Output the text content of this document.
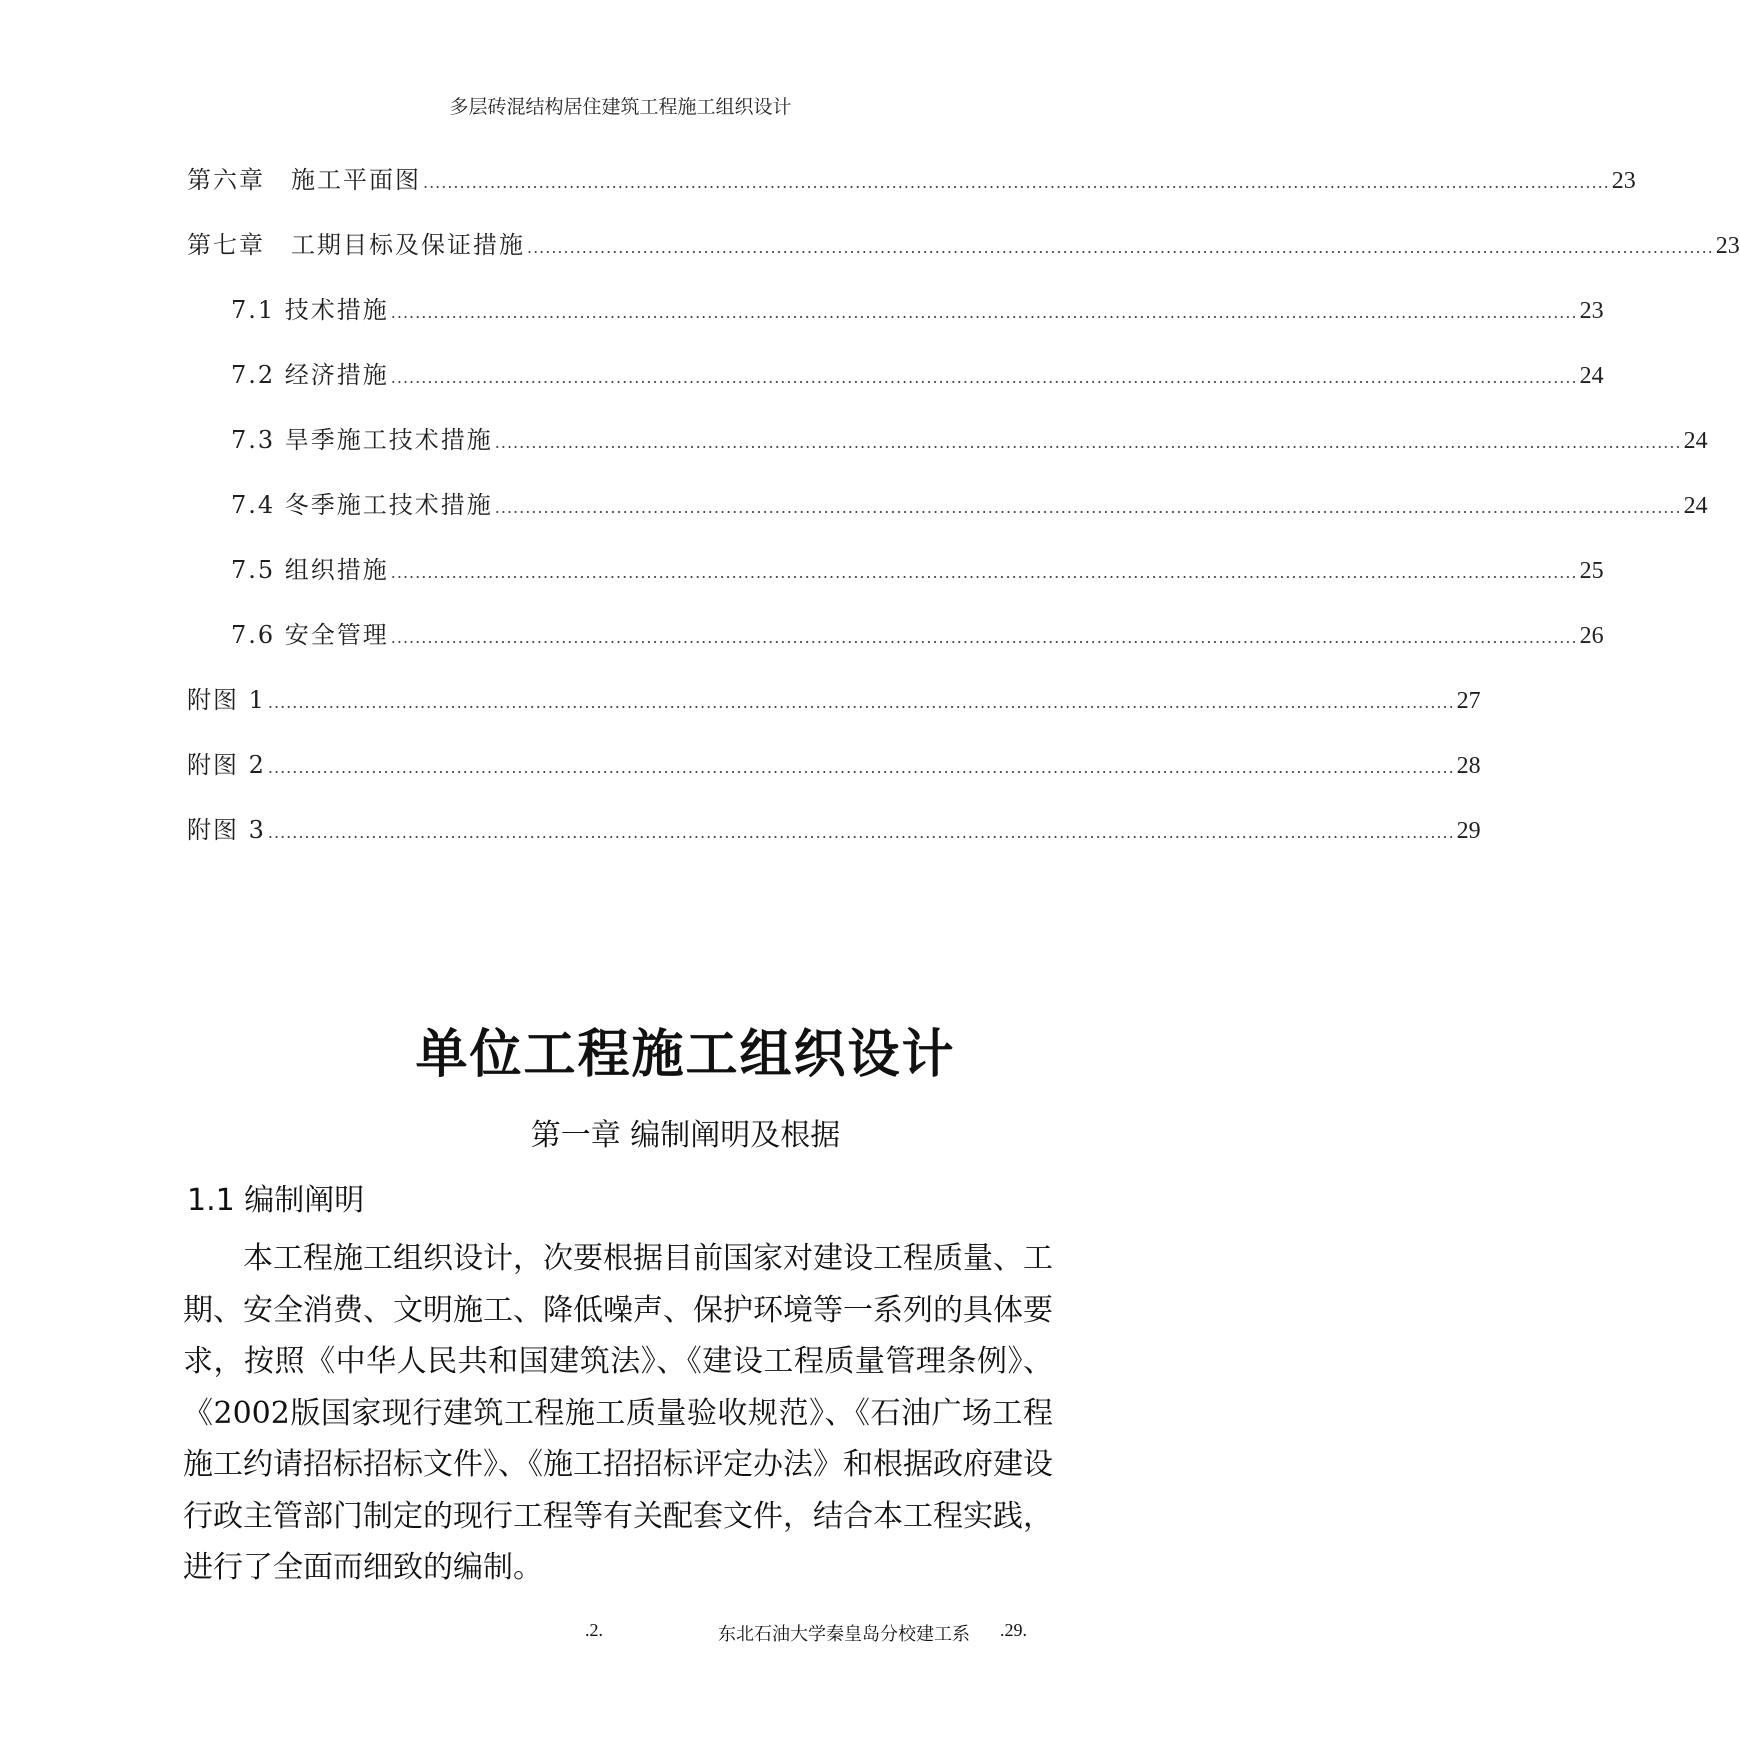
多层砖混结构居住建筑工程施工组织设计
第六章　施工平面图 ................................................................................................................................................................................................... 23
第七章　工期目标及保证措施 ................................................................................................................................................................................................... 23
7.1 技术措施 ................................................................................................................................................................................................... 23
7.2 经济措施 ................................................................................................................................................................................................... 24
7.3 旱季施工技术措施 ................................................................................................................................................................................................... 24
7.4 冬季施工技术措施 ................................................................................................................................................................................................... 24
7.5 组织措施 ................................................................................................................................................................................................... 25
7.6 安全管理 ................................................................................................................................................................................................... 26
附图 1 ................................................................................................................................................................................................... 27
附图 2 ................................................................................................................................................................................................... 28
附图 3 ................................................................................................................................................................................................... 29
单位工程施工组织设计
第一章 编制阐明及根据
1.1 编制阐明

本工程施工组织设计，次要根据目前国家对建设工程质量、工期、安全消费、文明施工、降低噪声、保护环境等一系列的具体要求，按照《中华人民共和国建筑法》、《建设工程质量管理条例》、《2002版国家现行建筑工程施工质量验收规范》、《石油广场工程施工约请招标招标文件》、《施工招招标评定办法》和根据政府建设行政主管部门制定的现行工程等有关配套文件，结合本工程实践，进行了全面而细致的编制。

.2.	东北石油大学秦皇岛分校建工系 .29.
